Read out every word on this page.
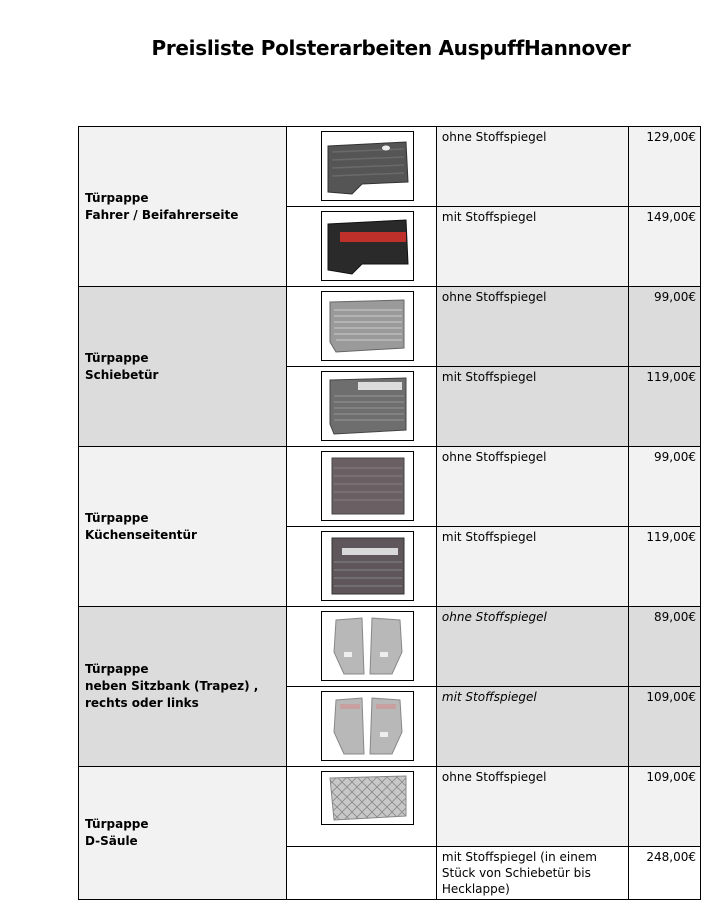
Preisliste Polsterarbeiten AuspuffHannover
Türpappe
Fahrer / Beifahrerseite		ohne Stoffspiegel	129,00€

	mit Stoffspiegel	149,00€

Türpappe
Schiebetür		ohne Stoffspiegel	99,00€

	mit Stoffspiegel	119,00€

Türpappe
Küchenseitentür		ohne Stoffspiegel	99,00€

	mit Stoffspiegel	119,00€

Türpappe
neben Sitzbank (Trapez) ,
rechts oder links		ohne Stoffspiegel	89,00€

	mit Stoffspiegel	109,00€

Türpappe
D-Säule		ohne Stoffspiegel	109,00€
		mit Stoffspiegel (in einem Stück von Schiebetür bis Hecklappe)	248,00€
